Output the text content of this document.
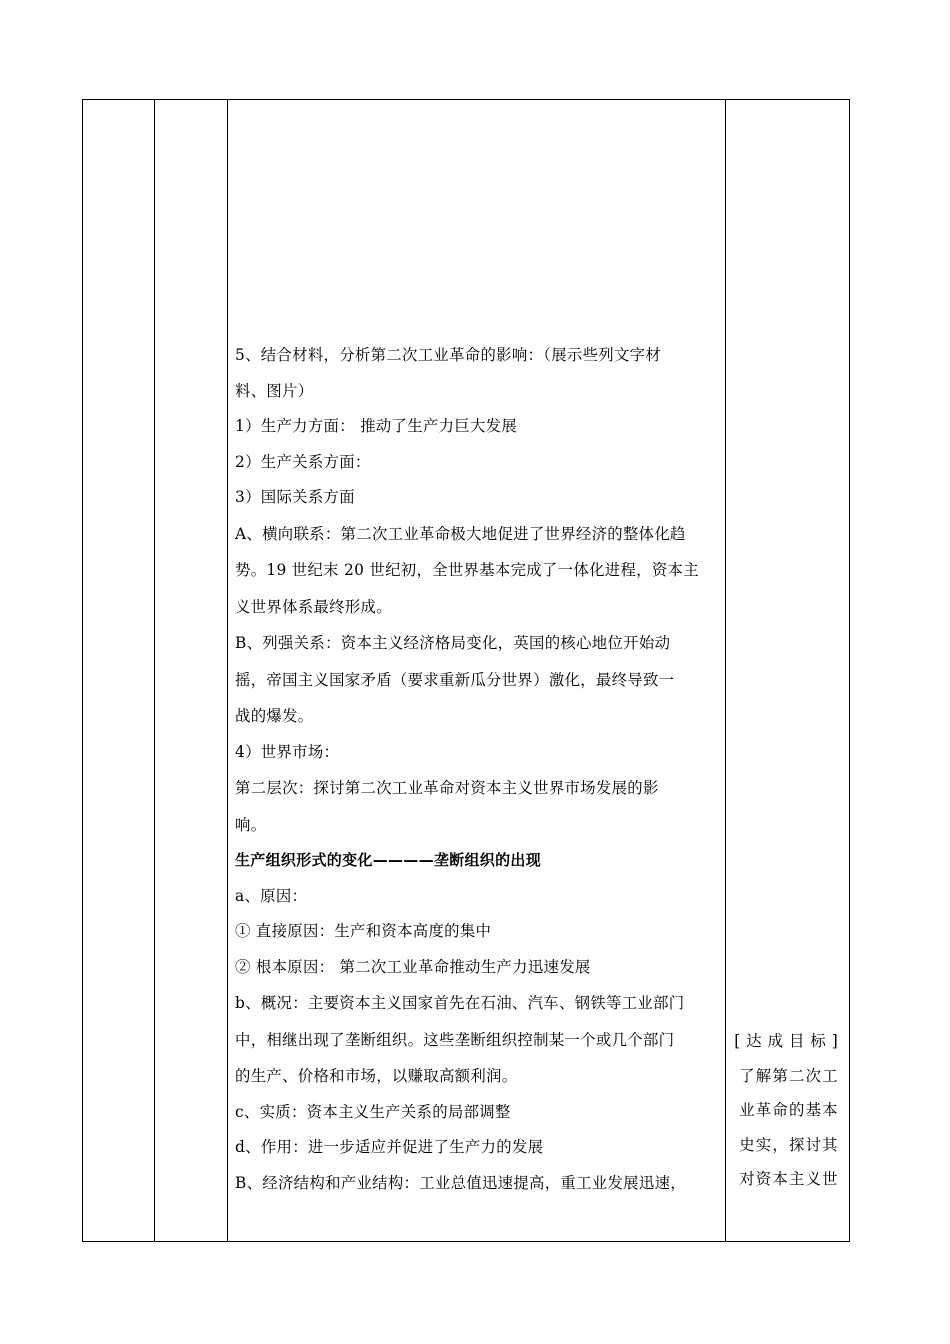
5、结合材料，分析第二次工业革命的影响：（展示些列文字材
料、图片）
1）生产力方面： 推动了生产力巨大发展
2）生产关系方面：
3）国际关系方面
A、横向联系：第二次工业革命极大地促进了世界经济的整体化趋
势。19 世纪末 20 世纪初，全世界基本完成了一体化进程，资本主
义世界体系最终形成。
B、列强关系：资本主义经济格局变化，英国的核心地位开始动
摇，帝国主义国家矛盾（要求重新瓜分世界）激化，最终导致一
战的爆发。
4）世界市场：
第二层次：探讨第二次工业革命对资本主义世界市场发展的影
响。
生产组织形式的变化————垄断组织的出现
a、原因：
① 直接原因：生产和资本高度的集中
② 根本原因： 第二次工业革命推动生产力迅速发展
b、概况：主要资本主义国家首先在石油、汽车、钢铁等工业部门
中，相继出现了垄断组织。这些垄断组织控制某一个或几个部门
的生产、价格和市场，以赚取高额利润。
c、实质：资本主义生产关系的局部调整
d、作用：进一步适应并促进了生产力的发展
B、经济结构和产业结构：工业总值迅速提高，重工业发展迅速，
[达成目标]
了解第二次工
业革命的基本
史实，探讨其
对资本主义世
